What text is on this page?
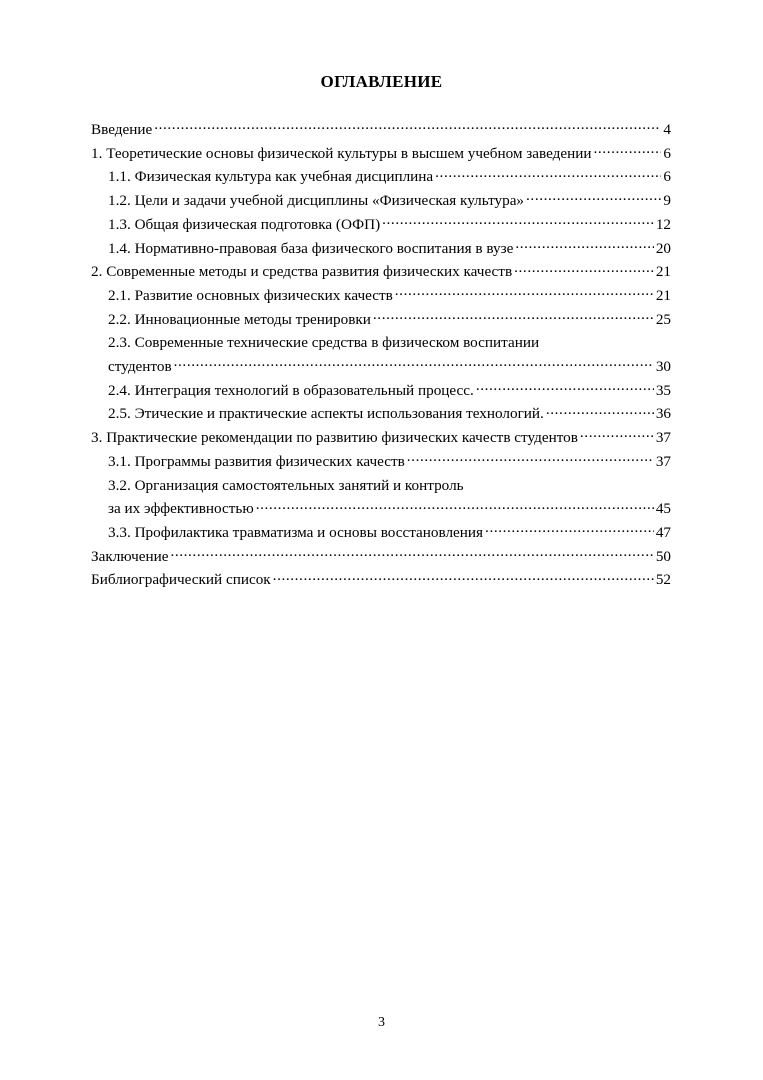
ОГЛАВЛЕНИЕ
Введение .....	4
1. Теоретические основы физической культуры в высшем учебном заведении .....	6
1.1. Физическая культура как учебная дисциплина .....	6
1.2. Цели и задачи учебной дисциплины «Физическая культура» .....	9
1.3. Общая физическая подготовка (ОФП) .....	12
1.4. Нормативно-правовая база физического воспитания в вузе .....	20
2. Современные методы и средства развития физических качеств .....	21
2.1. Развитие основных физических качеств .....	21
2.2. Инновационные методы тренировки .....	25
2.3. Современные технические средства в физическом воспитании
студентов .....	30
2.4. Интеграция технологий в образовательный процесс. .....	35
2.5. Этические и практические аспекты использования технологий. .....	36
3. Практические рекомендации по развитию физических качеств студентов .....	37
3.1. Программы развития физических качеств .....	37
3.2. Организация самостоятельных занятий и контроль
за их эффективностью .....	45
3.3. Профилактика травматизма и основы восстановления .....	47
Заключение .....	50
Библиографический список .....	52
3
